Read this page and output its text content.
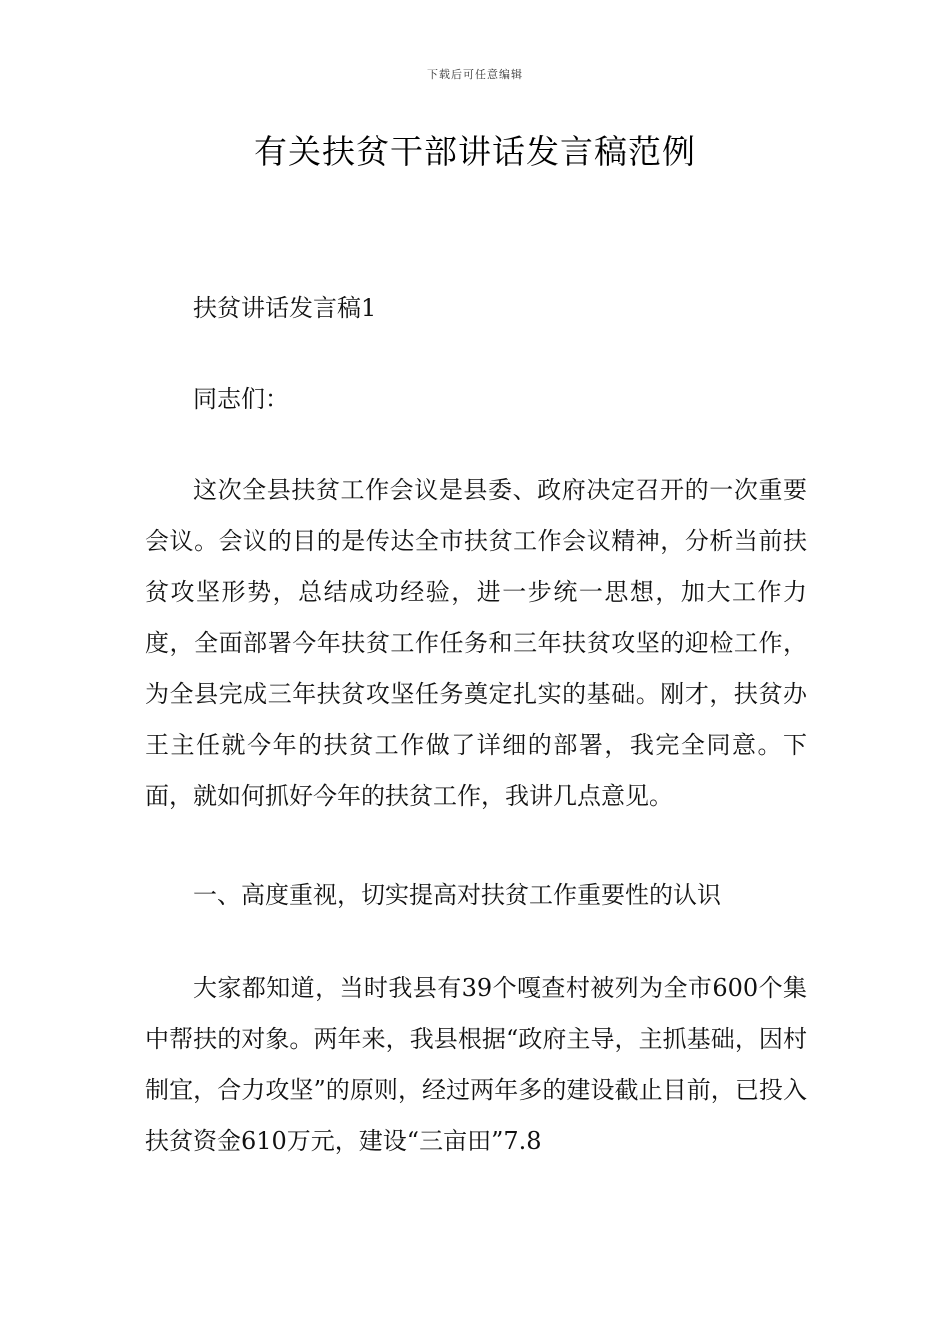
下载后可任意编辑
有关扶贫干部讲话发言稿范例

扶贫讲话发言稿1

同志们：

这次全县扶贫工作会议是县委、政府决定召开的一次重要会议。会议的目的是传达全市扶贫工作会议精神，分析当前扶贫攻坚形势，总结成功经验，进一步统一思想，加大工作力度，全面部署今年扶贫工作任务和三年扶贫攻坚的迎检工作，为全县完成三年扶贫攻坚任务奠定扎实的基础。刚才，扶贫办王主任就今年的扶贫工作做了详细的部署，我完全同意。下面，就如何抓好今年的扶贫工作，我讲几点意见。

一、高度重视，切实提高对扶贫工作重要性的认识

大家都知道，当时我县有39个嘎查村被列为全市600个集中帮扶的对象。两年来，我县根据“政府主导，主抓基础，因村制宜，合力攻坚”的原则，经过两年多的建设截止目前，已投入扶贫资金610万元，建设“三亩田”7.8
